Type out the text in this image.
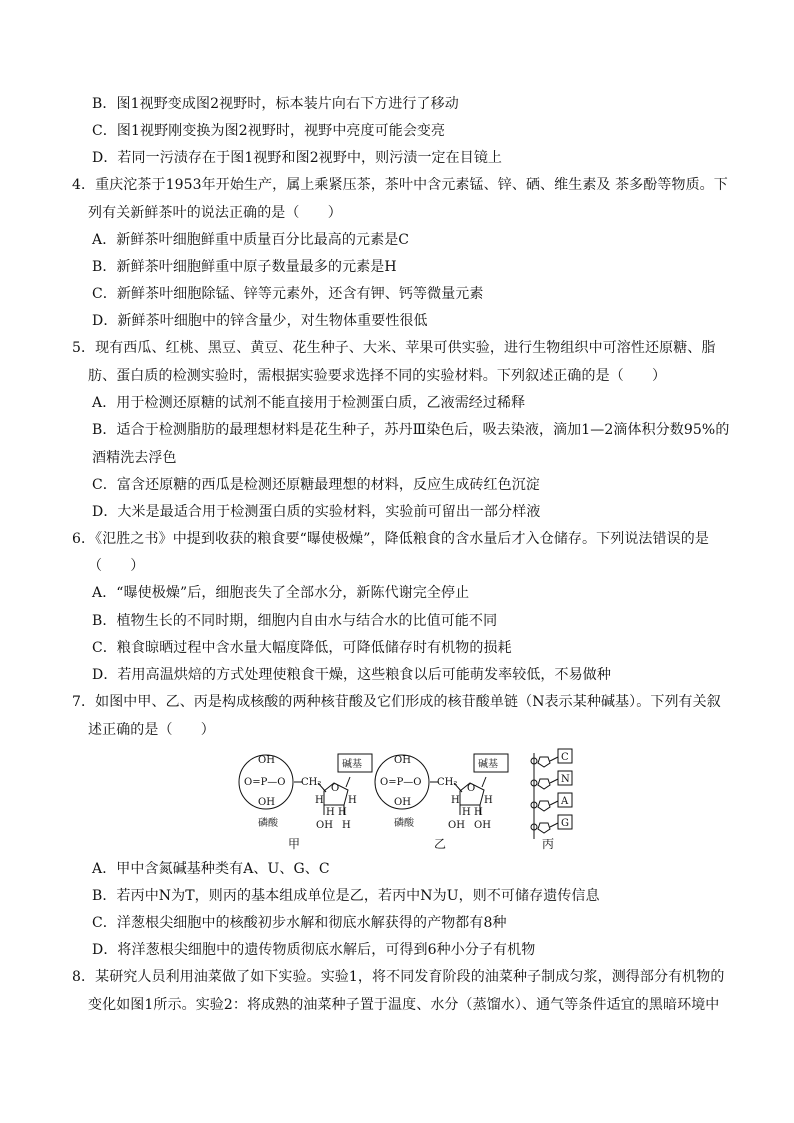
B．图1视野变成图2视野时，标本装片向右下方进行了移动
C．图1视野刚变换为图2视野时，视野中亮度可能会变亮
D．若同一污渍存在于图1视野和图2视野中，则污渍一定在目镜上
4．重庆沱茶于1953年开始生产，属上乘紧压茶，茶叶中含元素锰、锌、硒、维生素及 茶多酚等物质。下
列有关新鲜茶叶的说法正确的是（　　）
A．新鲜茶叶细胞鲜重中质量百分比最高的元素是C
B．新鲜茶叶细胞鲜重中原子数量最多的元素是H
C．新鲜茶叶细胞除锰、锌等元素外，还含有钾、钙等微量元素
D．新鲜茶叶细胞中的锌含量少，对生物体重要性很低
5．现有西瓜、红桃、黑豆、黄豆、花生种子、大米、苹果可供实验，进行生物组织中可溶性还原糖、脂
肪、蛋白质的检测实验时，需根据实验要求选择不同的实验材料。下列叙述正确的是（　　）
A．用于检测还原糖的试剂不能直接用于检测蛋白质，乙液需经过稀释
B．适合于检测脂肪的最理想材料是花生种子，苏丹Ⅲ染色后，吸去染液，滴加1—2滴体积分数95%的
酒精洗去浮色
C．富含还原糖的西瓜是检测还原糖最理想的材料，反应生成砖红色沉淀
D．大米是最适合用于检测蛋白质的实验材料，实验前可留出一部分样液
6．《氾胜之书》中提到收获的粮食要“曝使极燥”，降低粮食的含水量后才入仓储存。下列说法错误的是
（　　）
A．“曝使极燥”后，细胞丧失了全部水分，新陈代谢完全停止
B．植物生长的不同时期，细胞内自由水与结合水的比值可能不同
C．粮食晾晒过程中含水量大幅度降低，可降低储存时有机物的损耗
D．若用高温烘焙的方式处理使粮食干燥，这些粮食以后可能萌发率较低，不易做种
7．如图中甲、乙、丙是构成核酸的两种核苷酸及它们形成的核苷酸单链（N表示某种碱基）。下列有关叙
述正确的是（　　）
OH
O=P—O
OH
CH₂
O
H H
H H
OH H
碱基
磷酸
甲
OH
O=P—O
OH
CH₂
O
H H
H H
OH OH
碱基
磷酸
乙
C
N
A
G
丙
A．甲中含氮碱基种类有A、U、G、C
B．若丙中N为T，则丙的基本组成单位是乙，若丙中N为U，则不可储存遗传信息
C．洋葱根尖细胞中的核酸初步水解和彻底水解获得的产物都有8种
D．将洋葱根尖细胞中的遗传物质彻底水解后，可得到6种小分子有机物
8．某研究人员利用油菜做了如下实验。实验1，将不同发育阶段的油菜种子制成匀浆，测得部分有机物的
变化如图1所示。实验2：将成熟的油菜种子置于温度、水分（蒸馏水）、通气等条件适宜的黑暗环境中
